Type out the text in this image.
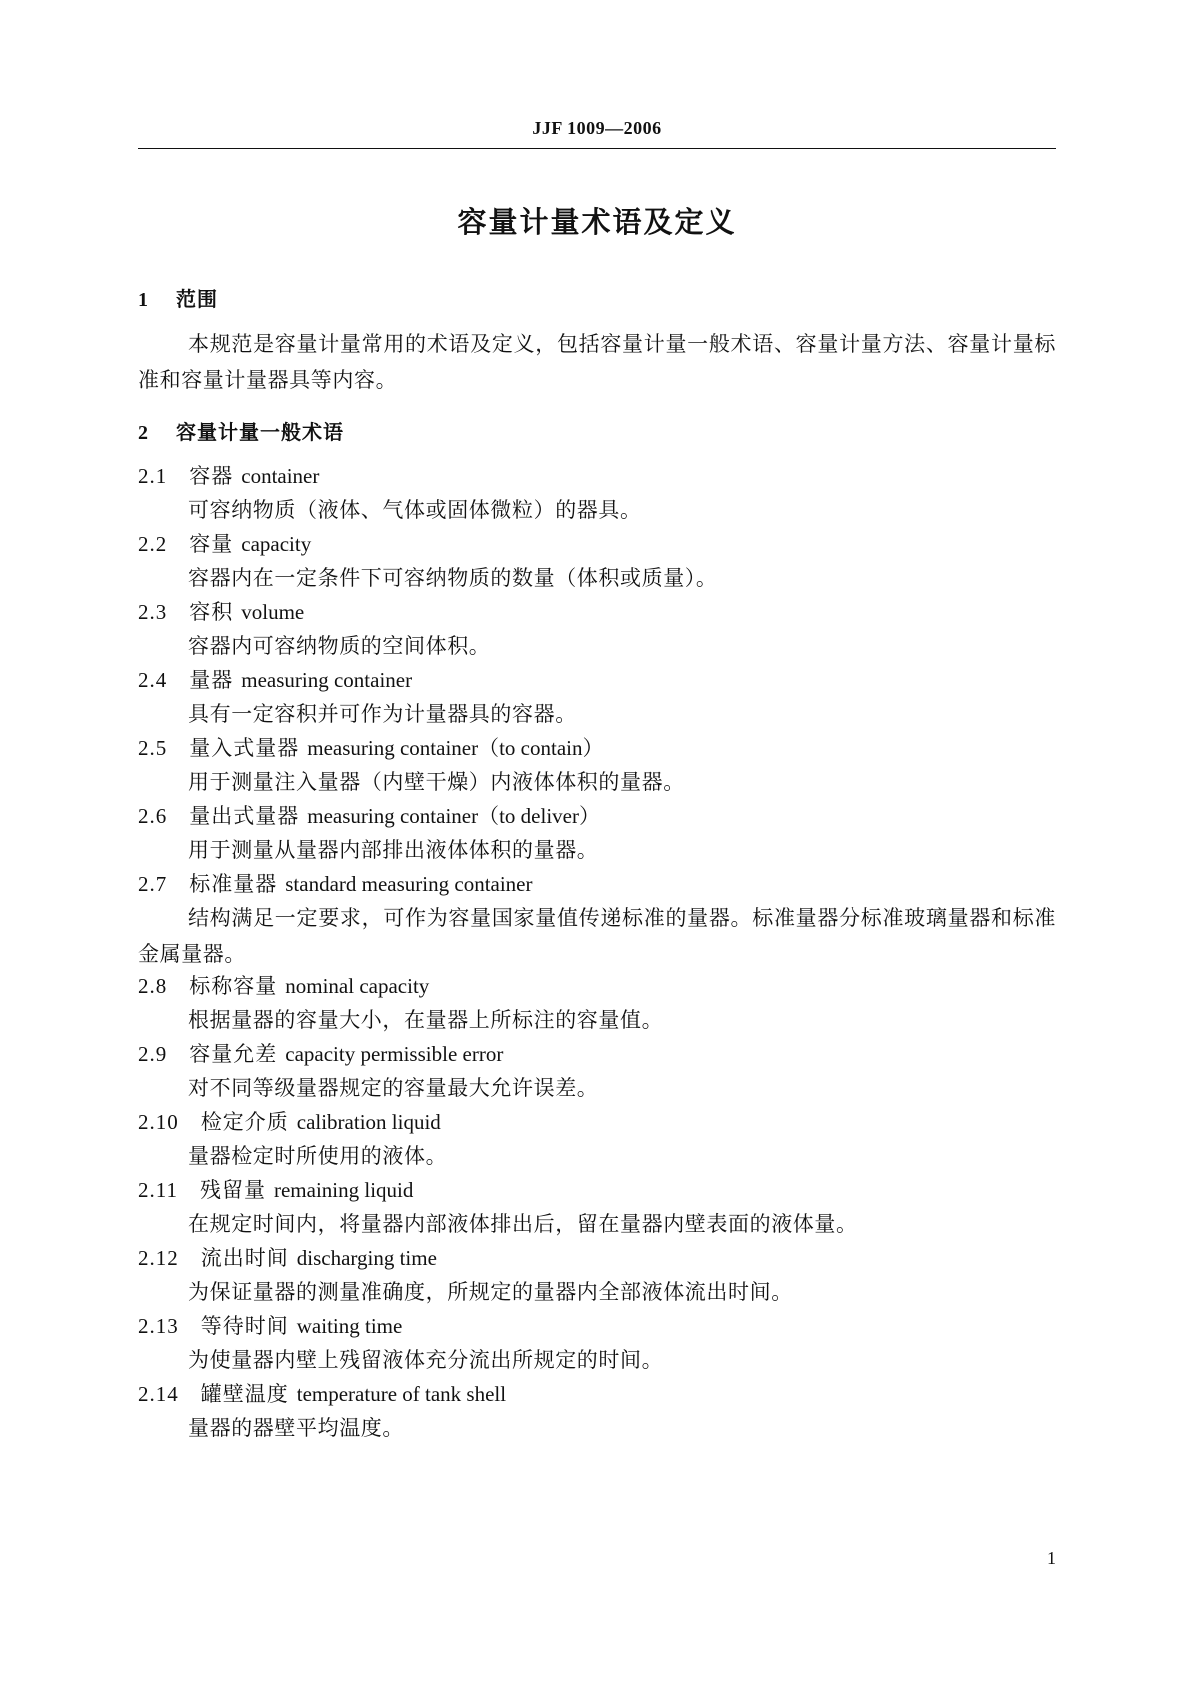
JJF 1009—2006
容量计量术语及定义
1 范围
本规范是容量计量常用的术语及定义，包括容量计量一般术语、容量计量方法、容量计量标准和容量计量器具等内容。
2 容量计量一般术语
2.1 容器 container
可容纳物质（液体、气体或固体微粒）的器具。
2.2 容量 capacity
容器内在一定条件下可容纳物质的数量（体积或质量）。
2.3 容积 volume
容器内可容纳物质的空间体积。
2.4 量器 measuring container
具有一定容积并可作为计量器具的容器。
2.5 量入式量器 measuring container（to contain）
用于测量注入量器（内壁干燥）内液体体积的量器。
2.6 量出式量器 measuring container（to deliver）
用于测量从量器内部排出液体体积的量器。
2.7 标准量器 standard measuring container
结构满足一定要求，可作为容量国家量值传递标准的量器。标准量器分标准玻璃量器和标准金属量器。
2.8 标称容量 nominal capacity
根据量器的容量大小，在量器上所标注的容量值。
2.9 容量允差 capacity permissible error
对不同等级量器规定的容量最大允许误差。
2.10 检定介质 calibration liquid
量器检定时所使用的液体。
2.11 残留量 remaining liquid
在规定时间内，将量器内部液体排出后，留在量器内壁表面的液体量。
2.12 流出时间 discharging time
为保证量器的测量准确度，所规定的量器内全部液体流出时间。
2.13 等待时间 waiting time
为使量器内壁上残留液体充分流出所规定的时间。
2.14 罐壁温度 temperature of tank shell
量器的器壁平均温度。
1
